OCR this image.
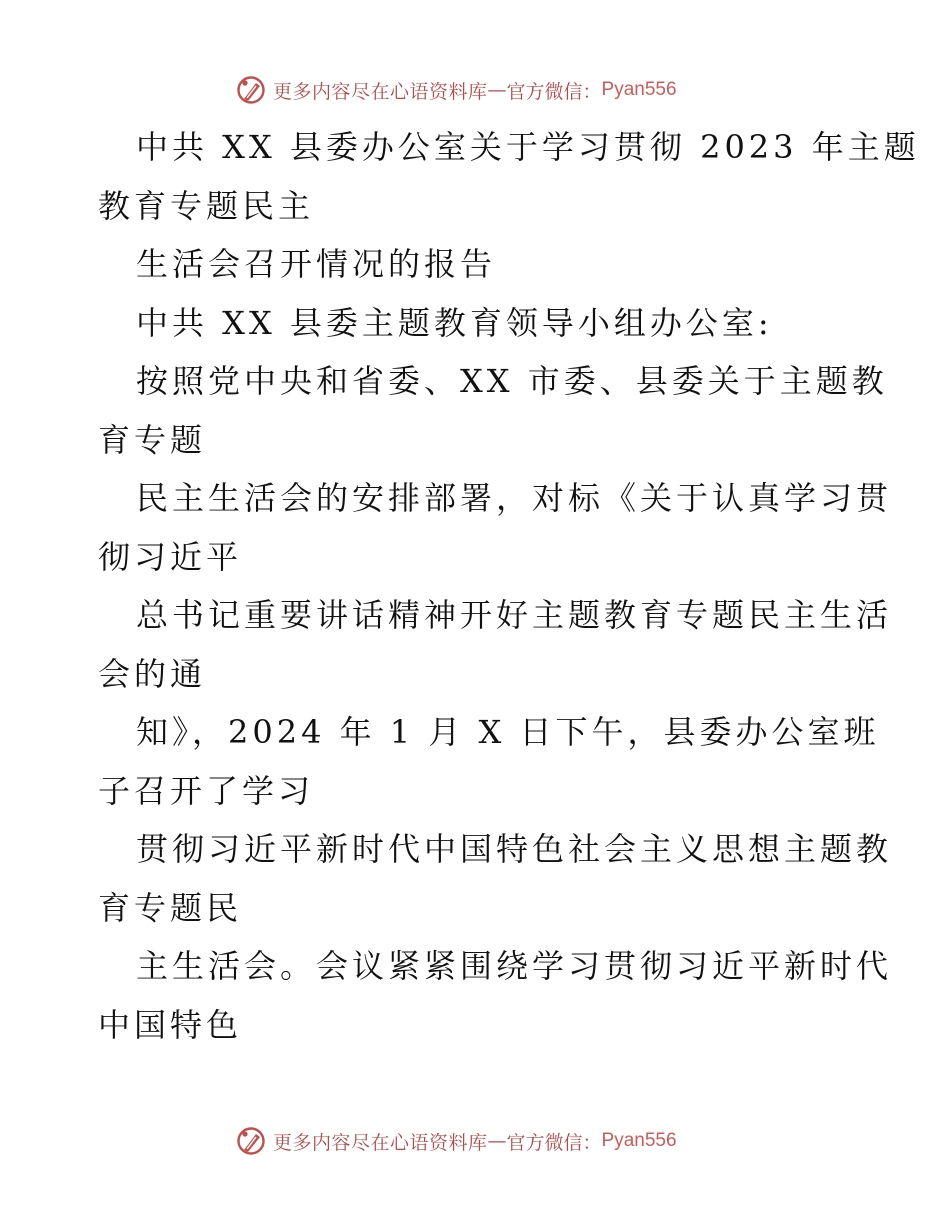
更多内容尽在心语资料库 — 官方微信： Pyan556
中共 XX 县委办公室关于学习贯彻 2023 年主题
教育专题民主
生活会召开情况的报告
中共 XX 县委主题教育领导小组办公室:
按照党中央和省委、XX 市委、县委关于主题教
育专题
民主生活会的安排部署，对标《关于认真学习贯
彻习近平
总书记重要讲话精神开好主题教育专题民主生活
会的通
知》，2024 年 1 月 X 日下午，县委办公室班
子召开了学习
贯彻习近平新时代中国特色社会主义思想主题教
育专题民
主生活会。会议紧紧围绕学习贯彻习近平新时代
中国特色
更多内容尽在心语资料库 — 官方微信： Pyan556
